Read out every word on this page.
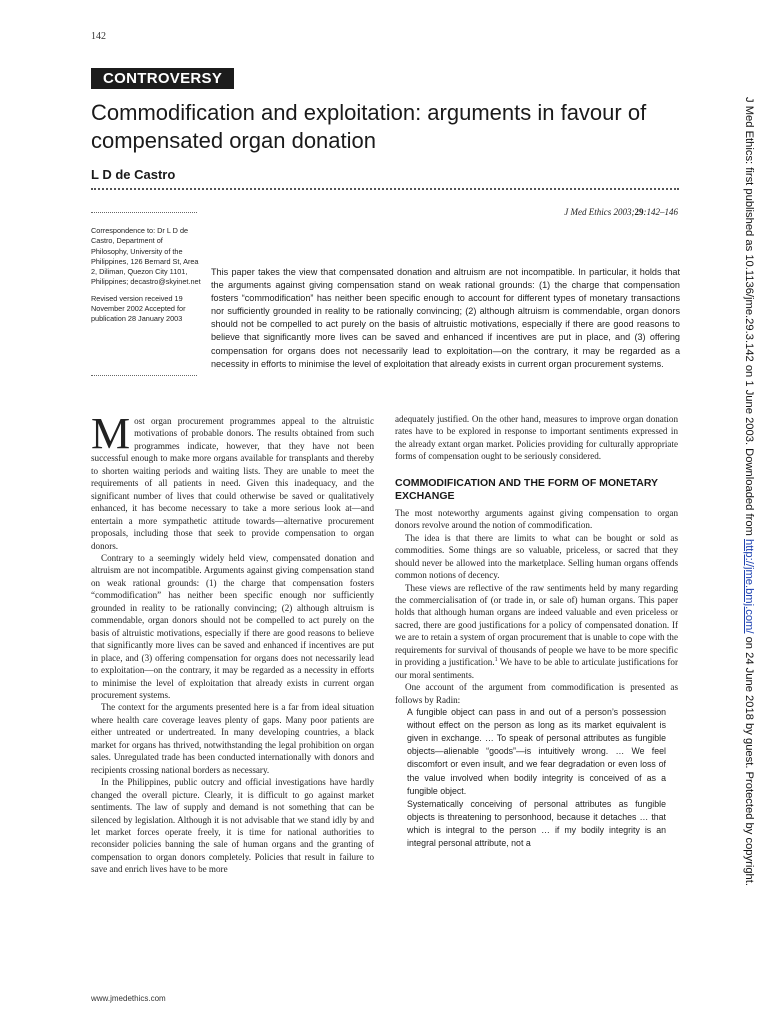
142
CONTROVERSY
Commodification and exploitation: arguments in favour of compensated organ donation
L D de Castro
J Med Ethics 2003;29:142–146

Correspondence to: Dr L D de Castro, Department of Philosophy, University of the Philippines, 126 Bernard St, Area 2, Diliman, Quezon City 1101, Philippines; decastro@skyinet.net

Revised version received 19 November 2002 Accepted for publication 28 January 2003

This paper takes the view that compensated donation and altruism are not incompatible. In particular, it holds that the arguments against giving compensation stand on weak rational grounds: (1) the charge that compensation fosters “commodification” has neither been specific enough to account for different types of monetary transactions nor sufficiently grounded in reality to be rationally convincing; (2) although altruism is commendable, organ donors should not be compelled to act purely on the basis of altruistic motivations, especially if there are good reasons to believe that significantly more lives can be saved and enhanced if incentives are put in place, and (3) offering compensation for organs does not necessarily lead to exploitation—on the contrary, it may be regarded as a necessity in efforts to minimise the level of exploitation that already exists in current organ procurement systems.

Most organ procurement programmes appeal to the altruistic motivations of probable donors. The results obtained from such programmes indicate, however, that they have not been successful enough to make more organs available for transplants and thereby to shorten waiting periods and waiting lists. They are unable to meet the requirements of all patients in need. Given this inadequacy, and the significant number of lives that could otherwise be saved or qualitatively enhanced, it has become necessary to take a more serious look at—and entertain a more sympathetic attitude towards—alternative procurement proposals, including those that seek to provide compensation to organ donors.

Contrary to a seemingly widely held view, compensated donation and altruism are not incompatible. Arguments against giving compensation stand on weak rational grounds: (1) the charge that compensation fosters “commodification” has neither been specific enough nor sufficiently grounded in reality to be rationally convincing; (2) although altruism is commendable, organ donors should not be compelled to act purely on the basis of altruistic motivations, especially if there are good reasons to believe that significantly more lives can be saved and enhanced if incentives are put in place, and (3) offering compensation for organs does not necessarily lead to exploitation—on the contrary, it may be regarded as a necessity in efforts to minimise the level of exploitation that already exists in current organ procurement systems.

The context for the arguments presented here is a far from ideal situation where health care coverage leaves plenty of gaps. Many poor patients are either untreated or undertreated. In many developing countries, a black market for organs has thrived, notwithstanding the legal prohibition on organ sales. Unregulated trade has been conducted internationally with donors and recipients crossing national borders as necessary.

In the Philippines, public outcry and official investigations have hardly changed the overall picture. Clearly, it is difficult to go against market sentiments. The law of supply and demand is not something that can be silenced by legislation. Although it is not advisable that we stand idly by and let market forces operate freely, it is time for national authorities to reconsider policies banning the sale of human organs and the granting of compensation to organ donors completely. Policies that result in failure to save and enrich lives have to be more

adequately justified. On the other hand, measures to improve organ donation rates have to be explored in response to important sentiments expressed in the already extant organ market. Policies providing for culturally appropriate forms of compensation ought to be seriously considered.

COMMODIFICATION AND THE FORM OF MONETARY EXCHANGE

The most noteworthy arguments against giving compensation to organ donors revolve around the notion of commodification.

The idea is that there are limits to what can be bought or sold as commodities. Some things are so valuable, priceless, or sacred that they should never be allowed into the marketplace. Selling human organs offends common notions of decency.

These views are reflective of the raw sentiments held by many regarding the commercialisation of (or trade in, or sale of) human organs. This paper holds that although human organs are indeed valuable and even priceless or sacred, there are good justifications for a policy of compensated donation. If we are to retain a system of organ procurement that is unable to cope with the requirements for survival of thousands of people we have to be more specific in providing a justification.$^1$ We have to be able to articulate justifications for our moral sentiments.

One account of the argument from commodification is presented as follows by Radin:

A fungible object can pass in and out of a person’s possession without effect on the person as long as its market equivalent is given in exchange. … To speak of personal attributes as fungible objects—alienable “goods”—is intuitively wrong. … We feel discomfort or even insult, and we fear degradation or even loss of the value involved when bodily integrity is conceived of as a fungible object.

Systematically conceiving of personal attributes as fungible objects is threatening to personhood, because it detaches … that which is integral to the person … if my bodily integrity is an integral personal attribute, not a

www.jmedethics.com
J Med Ethics: first published as 10.1136/jme.29.3.142 on 1 June 2003. Downloaded from http://jme.bmj.com/ on 24 June 2018 by guest. Protected by copyright.
